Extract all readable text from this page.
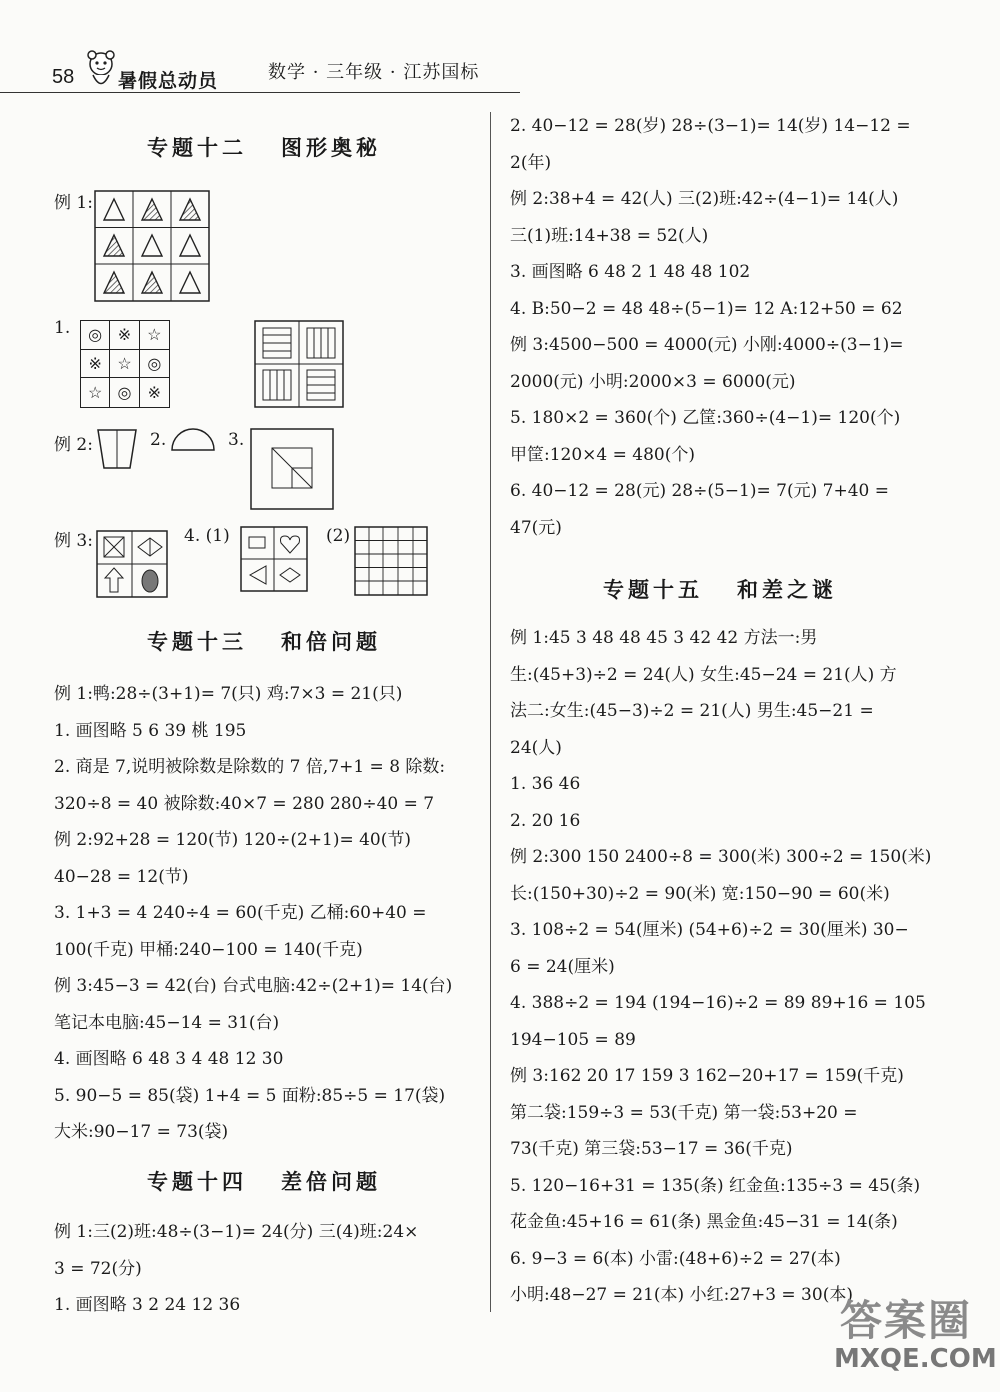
58 暑假总动员	数学 · 三年级 · 江苏国标
专题十二   图形奥秘
例 1:
1.	◎ ※ ☆
※ ☆ ◎
☆ ◎	※
例 2:	2.	3.
例 3:	4. (1)	(2)
专题十三   和倍问题
例 1:鸭:28÷(3+1)= 7(只) 鸡:7×3 = 21(只)
1. 画图略 5 6 39 桃 195
2. 商是 7,说明被除数是除数的 7 倍,7+1 = 8 除数:
320÷8 = 40 被除数:40×7 = 280 280÷40 = 7
例 2:92+28 = 120(节) 120÷(2+1)= 40(节)
40−28 = 12(节)
3. 1+3 = 4 240÷4 = 60(千克) 乙桶:60+40 =
100(千克) 甲桶:240−100 = 140(千克)
例 3:45−3 = 42(台) 台式电脑:42÷(2+1)= 14(台)
笔记本电脑:45−14 = 31(台)
4. 画图略 6 48 3 4 48 12 30
5. 90−5 = 85(袋) 1+4 = 5 面粉:85÷5 = 17(袋)
大米:90−17 = 73(袋)
专题十四   差倍问题
例 1:三(2)班:48÷(3−1)= 24(分) 三(4)班:24×
3 = 72(分)
1. 画图略 3 2 24 12 36
2. 40−12 = 28(岁) 28÷(3−1)= 14(岁) 14−12 =
2(年)
例 2:38+4 = 42(人) 三(2)班:42÷(4−1)= 14(人)
三(1)班:14+38 = 52(人)
3. 画图略 6 48 2 1 48 48 102
4. B:50−2 = 48 48÷(5−1)= 12 A:12+50 = 62
例 3:4500−500 = 4000(元) 小刚:4000÷(3−1)=
2000(元) 小明:2000×3 = 6000(元)
5. 180×2 = 360(个) 乙筐:360÷(4−1)= 120(个)
甲筐:120×4 = 480(个)
6. 40−12 = 28(元) 28÷(5−1)= 7(元) 7+40 =
47(元)
专题十五   和差之谜
例 1:45 3 48 48 45 3 42 42 方法一:男
生:(45+3)÷2 = 24(人) 女生:45−24 = 21(人) 方
法二:女生:(45−3)÷2 = 21(人) 男生:45−21 =
24(人)
1. 36 46
2. 20 16
例 2:300 150 2400÷8 = 300(米) 300÷2 = 150(米)
长:(150+30)÷2 = 90(米) 宽:150−90 = 60(米)
3. 108÷2 = 54(厘米) (54+6)÷2 = 30(厘米) 30−
6 = 24(厘米)
4. 388÷2 = 194 (194−16)÷2 = 89 89+16 = 105
194−105 = 89
例 3:162 20 17 159 3 162−20+17 = 159(千克)
第二袋:159÷3 = 53(千克) 第一袋:53+20 =
73(千克) 第三袋:53−17 = 36(千克)
5. 120−16+31 = 135(条) 红金鱼:135÷3 = 45(条)
花金鱼:45+16 = 61(条) 黑金鱼:45−31 = 14(条)
6. 9−3 = 6(本) 小雷:(48+6)÷2 = 27(本)
小明:48−27 = 21(本) 小红:27+3 = 30(本)
答案圈
MXQE.COM
